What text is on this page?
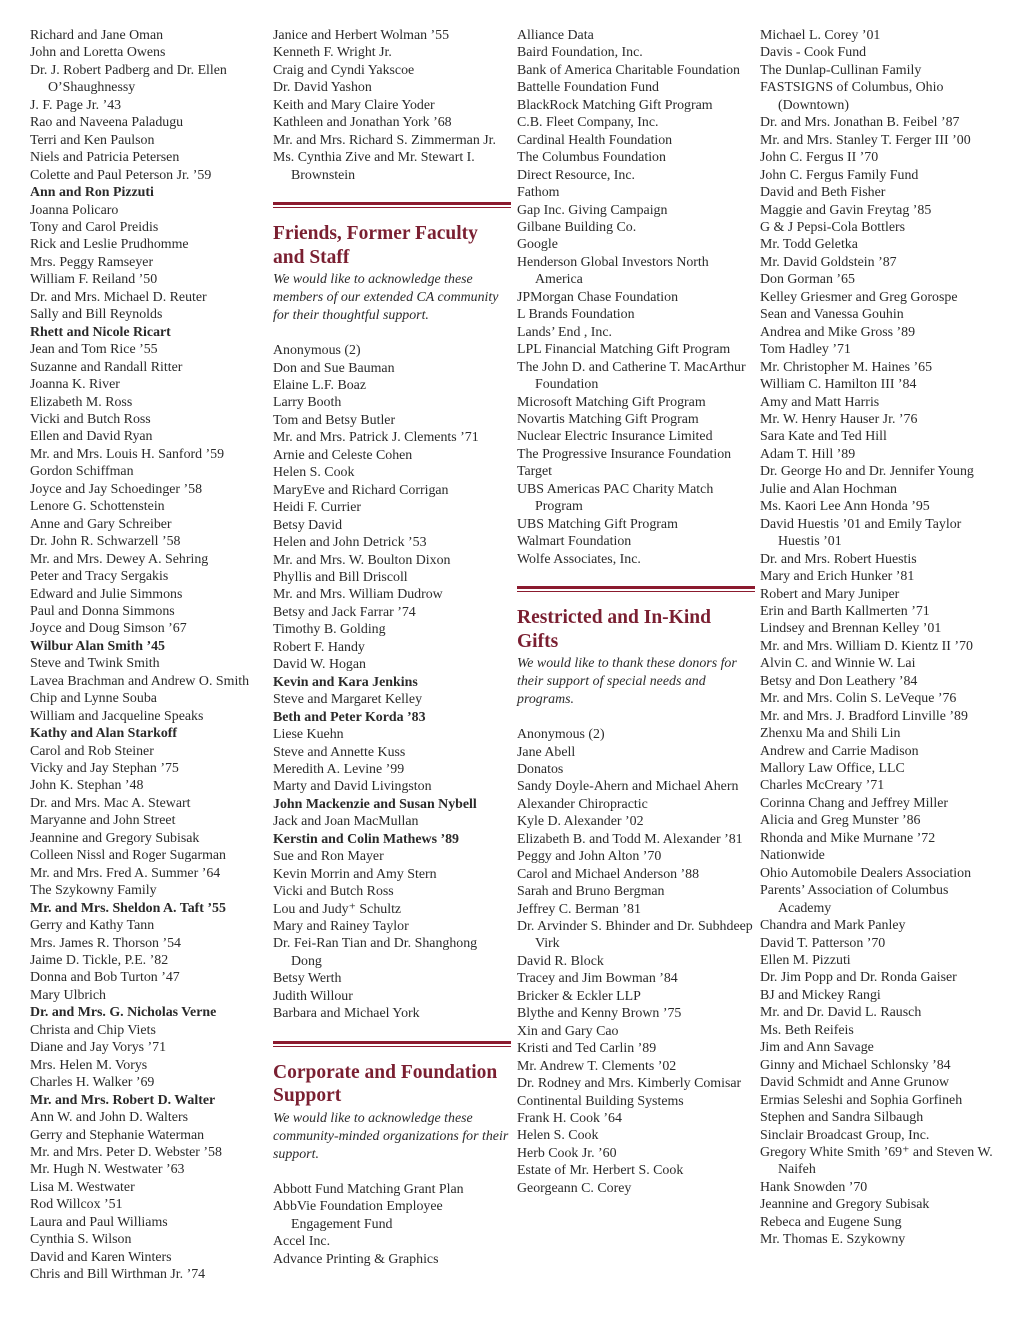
Richard and Jane Oman
John and Loretta Owens
Dr. J. Robert Padberg and Dr. Ellen O’Shaughnessy
J. F. Page Jr. ’43
Rao and Naveena Paladugu
Terri and Ken Paulson
Niels and Patricia Petersen
Colette and Paul Peterson Jr. ’59
Ann and Ron Pizzuti
Joanna Policaro
Tony and Carol Preidis
Rick and Leslie Prudhomme
Mrs. Peggy Ramseyer
William F. Reiland ’50
Dr. and Mrs. Michael D. Reuter
Sally and Bill Reynolds
Rhett and Nicole Ricart
Jean and Tom Rice ’55
Suzanne and Randall Ritter
Joanna K. River
Elizabeth M. Ross
Vicki and Butch Ross
Ellen and David Ryan
Mr. and Mrs. Louis H. Sanford ’59
Gordon Schiffman
Joyce and Jay Schoedinger ’58
Lenore G. Schottenstein
Anne and Gary Schreiber
Dr. John R. Schwarzell ’58
Mr. and Mrs. Dewey A. Sehring
Peter and Tracy Sergakis
Edward and Julie Simmons
Paul and Donna Simmons
Joyce and Doug Simson ’67
Wilbur Alan Smith ’45
Steve and Twink Smith
Lavea Brachman and Andrew O. Smith
Chip and Lynne Souba
William and Jacqueline Speaks
Kathy and Alan Starkoff
Carol and Rob Steiner
Vicky and Jay Stephan ’75
John K. Stephan ’48
Dr. and Mrs. Mac A. Stewart
Maryanne and John Street
Jeannine and Gregory Subisak
Colleen Nissl and Roger Sugarman
Mr. and Mrs. Fred A. Summer ’64
The Szykowny Family
Mr. and Mrs. Sheldon A. Taft ’55
Gerry and Kathy Tann
Mrs. James R. Thorson ’54
Jaime D. Tickle, P.E. ’82
Donna and Bob Turton ’47
Mary Ulbrich
Dr. and Mrs. G. Nicholas Verne
Christa and Chip Viets
Diane and Jay Vorys ’71
Mrs. Helen M. Vorys
Charles H. Walker ’69
Mr. and Mrs. Robert D. Walter
Ann W. and John D. Walters
Gerry and Stephanie Waterman
Mr. and Mrs. Peter D. Webster ’58
Mr. Hugh N. Westwater ’63
Lisa M. Westwater
Rod Willcox ’51
Laura and Paul Williams
Cynthia S. Wilson
David and Karen Winters
Chris and Bill Wirthman Jr. ’74
Janice and Herbert Wolman ’55
Kenneth F. Wright Jr.
Craig and Cyndi Yakscoe
Dr. David Yashon
Keith and Mary Claire Yoder
Kathleen and Jonathan York ’68
Mr. and Mrs. Richard S. Zimmerman Jr.
Ms. Cynthia Zive and Mr. Stewart I. Brownstein
Friends, Former Faculty and Staff
We would like to acknowledge these members of our extended CA community for their thoughtful support.
Anonymous (2)
Don and Sue Bauman
Elaine L.F. Boaz
Larry Booth
Tom and Betsy Butler
Mr. and Mrs. Patrick J. Clements ’71
Arnie and Celeste Cohen
Helen S. Cook
MaryEve and Richard Corrigan
Heidi F. Currier
Betsy David
Helen and John Detrick ’53
Mr. and Mrs. W. Boulton Dixon
Phyllis and Bill Driscoll
Mr. and Mrs. William Dudrow
Betsy and Jack Farrar ’74
Timothy B. Golding
Robert F. Handy
David W. Hogan
Kevin and Kara Jenkins
Steve and Margaret Kelley
Beth and Peter Korda ’83
Liese Kuehn
Steve and Annette Kuss
Meredith A. Levine ’99
Marty and David Livingston
John Mackenzie and Susan Nybell
Jack and Joan MacMullan
Kerstin and Colin Mathews ’89
Sue and Ron Mayer
Kevin Morrin and Amy Stern
Vicki and Butch Ross
Lou and Judy⁺ Schultz
Mary and Rainey Taylor
Dr. Fei-Ran Tian and Dr. Shanghong Dong
Betsy Werth
Judith Willour
Barbara and Michael York
Corporate and Foundation Support
We would like to acknowledge these community-minded organizations for their support.
Abbott Fund Matching Grant Plan
AbbVie Foundation Employee Engagement Fund
Accel Inc.
Advance Printing & Graphics
Alliance Data
Baird Foundation, Inc.
Bank of America Charitable Foundation
Battelle Foundation Fund
BlackRock Matching Gift Program
C.B. Fleet Company, Inc.
Cardinal Health Foundation
The Columbus Foundation
Direct Resource, Inc.
Fathom
Gap Inc. Giving Campaign
Gilbane Building Co.
Google
Henderson Global Investors North America
JPMorgan Chase Foundation
L Brands Foundation
Lands’ End , Inc.
LPL Financial Matching Gift Program
The John D. and Catherine T. MacArthur Foundation
Microsoft Matching Gift Program
Novartis Matching Gift Program
Nuclear Electric Insurance Limited
The Progressive Insurance Foundation
Target
UBS Americas PAC Charity Match Program
UBS Matching Gift Program
Walmart Foundation
Wolfe Associates, Inc.
Restricted and In-Kind Gifts
We would like to thank these donors for their support of special needs and programs.
Anonymous (2)
Jane Abell
Donatos
Sandy Doyle-Ahern and Michael Ahern
Alexander Chiropractic
Kyle D. Alexander ’02
Elizabeth B. and Todd M. Alexander ’81
Peggy and John Alton ’70
Carol and Michael Anderson ’88
Sarah and Bruno Bergman
Jeffrey C. Berman ’81
Dr. Arvinder S. Bhinder and Dr. Subhdeep Virk
David R. Block
Tracey and Jim Bowman ’84
Bricker & Eckler LLP
Blythe and Kenny Brown ’75
Xin and Gary Cao
Kristi and Ted Carlin ’89
Mr. Andrew T. Clements ’02
Dr. Rodney and Mrs. Kimberly Comisar
Continental Building Systems
Frank H. Cook ’64
Helen S. Cook
Herb Cook Jr. ’60
Estate of Mr. Herbert S. Cook
Georgeann C. Corey
Michael L. Corey ’01
Davis - Cook Fund
The Dunlap-Cullinan Family
FASTSIGNS of Columbus, Ohio (Downtown)
Dr. and Mrs. Jonathan B. Feibel ’87
Mr. and Mrs. Stanley T. Ferger III ’00
John C. Fergus II ’70
John C. Fergus Family Fund
David and Beth Fisher
Maggie and Gavin Freytag ’85
G & J Pepsi-Cola Bottlers
Mr. Todd Geletka
Mr. David Goldstein ’87
Don Gorman ’65
Kelley Griesmer and Greg Gorospe
Sean and Vanessa Gouhin
Andrea and Mike Gross ’89
Tom Hadley ’71
Mr. Christopher M. Haines ’65
William C. Hamilton III ’84
Amy and Matt Harris
Mr. W. Henry Hauser Jr. ’76
Sara Kate and Ted Hill
Adam T. Hill ’89
Dr. George Ho and Dr. Jennifer Young
Julie and Alan Hochman
Ms. Kaori Lee Ann Honda ’95
David Huestis ’01 and Emily Taylor Huestis ’01
Dr. and Mrs. Robert Huestis
Mary and Erich Hunker ’81
Robert and Mary Juniper
Erin and Barth Kallmerten ’71
Lindsey and Brennan Kelley ’01
Mr. and Mrs. William D. Kientz II ’70
Alvin C. and Winnie W. Lai
Betsy and Don Leathery ’84
Mr. and Mrs. Colin S. LeVeque ’76
Mr. and Mrs. J. Bradford Linville ’89
Zhenxu Ma and Shili Lin
Andrew and Carrie Madison
Mallory Law Office, LLC
Charles McCreary ’71
Corinna Chang and Jeffrey Miller
Alicia and Greg Munster ’86
Rhonda and Mike Murnane ’72
Nationwide
Ohio Automobile Dealers Association
Parents’ Association of Columbus Academy
Chandra and Mark Panley
David T. Patterson ’70
Ellen M. Pizzuti
Dr. Jim Popp and Dr. Ronda Gaiser
BJ and Mickey Rangi
Mr. and Dr. David L. Rausch
Ms. Beth Reifeis
Jim and Ann Savage
Ginny and Michael Schlonsky ’84
David Schmidt and Anne Grunow
Ermias Seleshi and Sophia Gorfineh
Stephen and Sandra Silbaugh
Sinclair Broadcast Group, Inc.
Gregory White Smith ’69⁺ and Steven W. Naifeh
Hank Snowden ’70
Jeannine and Gregory Subisak
Rebeca and Eugene Sung
Mr. Thomas E. Szykowny
